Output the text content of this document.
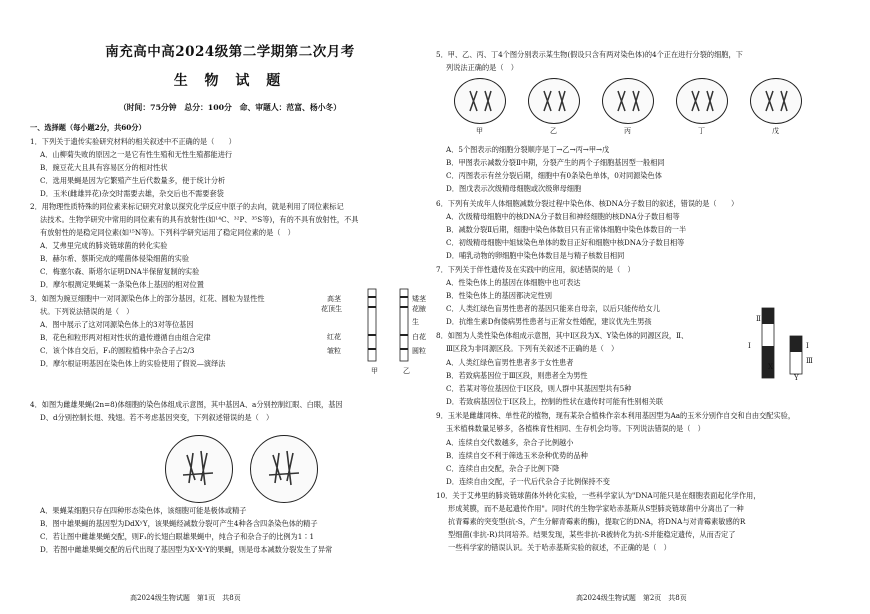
南充高中高2024级第二学期第二次月考
生 物 试 题
（时间：75分钟　总分：100分　命、审题人：范富、杨小冬）
一、选择题（每小题2分，共60分）
1．下列关于遗传实验研究材料的相关叙述中不正确的是（　　）
A．山柳菊失败的原因之一是它有性生殖和无性生殖都能进行
B．豌豆花大且具有容易区分的相对性状
C．选用果蝇是因为它繁殖产生后代数量多，便于统计分析
D．玉米(雌雄异花)杂交时需要去雄，杂交后也不需要套袋
2．用物理性质特殊的同位素来标记研究对象以探究化学反应中原子的去向，就是利用了同位素标记
法技术。生物学研究中常用的同位素有的具有放射性(如¹⁴C、³²P、³⁵S等)，有的不具有放射性，不具
有放射性的是稳定同位素(如¹⁵N等)。下列科学研究运用了稳定同位素的是（　）
A．艾弗里完成的肺炎链球菌的转化实验
B．赫尔希、蔡斯完成的噬菌体侵染细菌的实验
C．梅塞尔森、斯塔尔证明DNA半保留复制的实验
D．摩尔根测定果蝇某一条染色体上基因的相对位置
3．如图为豌豆细胞中一对同源染色体上的部分基因，红花、圆粒为显性性
状。下列说法错误的是（　）
A．图中展示了这对同源染色体上的3对等位基因
B．花色和粒形两对相对性状的遗传遵循自由组合定律
C．该个体自交后，F₁的圆粒植株中杂合子占2/3
D．摩尔根证明基因在染色体上的实验使用了假说—演绎法
4．如图为雌雄果蝇(2n=8)体细胞的染色体组成示意图，其中基因A、a分别控制红眼、白眼，基因
D、d分别控制长翅、残翅。若不考虑基因突变，下列叙述错误的是（　）
A．果蝇某细胞只存在四种形态染色体，该细胞可能是极体或精子
B．图中雄果蝇的基因型为DdXʸY，该果蝇经减数分裂可产生4种各含四条染色体的精子
C．若让图中雌雄果蝇交配，则F₁的长翅白眼雄果蝇中，纯合子和杂合子的比例为1∶1
D．若图中雌雄果蝇交配的后代出现了基因型为XᵃXᵃY的果蝇，则是母本减数分裂发生了异常
高茎
花顶生
红花
皱粒
矮茎
花腋生
白花
圆粒
甲	乙
高2024级生物试题　第1页　共8页
5．甲、乙、丙、丁4个图分别表示某生物(假设只含有两对染色体)的4个正在进行分裂的细胞，下
列说法正确的是（　）
A．5个图表示的细胞分裂顺序是丁→乙→丙→甲→戊
B．甲图表示减数分裂Ⅱ中期，分裂产生的两个子细胞基因型一般相同
C．丙图表示有丝分裂后期，细胞中有0条染色单体，0对同源染色体
D．图戊表示次级精母细胞或次级卵母细胞
6．下列有关成年人体细胞减数分裂过程中染色体、核DNA分子数目的叙述，错误的是（　　）
A．次级精母细胞中的核DNA分子数目和神经细胞的核DNA分子数目相等
B．减数分裂Ⅱ后期，细胞中染色体数目只有正常体细胞中染色体数目的一半
C．初级精母细胞中姐妹染色单体的数目正好和细胞中核DNA分子数目相等
D．哺乳动物的卵细胞中染色体数目是与精子核数目相同
7．下列关于伴性遗传及在实践中的应用，叙述错误的是（　）
A．性染色体上的基因在体细胞中也可表达
B．性染色体上的基因都决定性别
C．人类红绿色盲男性患者的基因只能来自母亲，以后只能传给女儿
D．抗维生素D佝偻病男性患者与正常女性婚配，建议优先生男孩
8．如图为人类性染色体组成示意图，其中Ⅰ区段为X、Y染色体的同源区段，Ⅱ、
Ⅲ区段为非同源区段。下列有关叙述不正确的是（　）
A．人类红绿色盲男性患者多于女性患者
B．若致病基因位于Ⅲ区段，则患者全为男性
C．若某对等位基因位于Ⅰ区段，则人群中其基因型共有5种
D．若致病基因位于Ⅰ区段上，控制的性状在遗传时可能有性别相关联
9．玉米是雌雄同株、单性花的植物，现有某杂合植株作亲本利用基因型为Aa的玉米分别作自交和自由交配实验，
玉米植株数量足够多，各植株育性相同、生存机会均等。下列说法错误的是（　）
A．连续自交代数越多，杂合子比例越小
B．连续自交不利于筛选玉米杂种优势的品种
C．连续自由交配，杂合子比例下降
D．连续自由交配，子一代后代杂合子比例保持不变
10．关于艾弗里的肺炎链球菌体外转化实验，一些科学家认为"DNA可能只是在细胞表面起化学作用，
形成荚膜，而不是起遗传作用"。同时代的生物学家哈赤基斯从S型肺炎链球菌中分离出了一种
抗青霉素的突变型(抗-S，产生分解青霉素的酶)，提取它的DNA，将DNA与对青霉素敏感的R
型细菌(非抗-R)共同培养。结果发现，某些非抗-R被转化为抗-S并能稳定遗传，从而否定了
一些科学家的错误认识。关于哈赤基斯实验的叙述，不正确的是（　）
甲	乙	丙	丁	戊
Ⅱ
Ⅰ	Ⅰ
Ⅲ
X
Y
高2024级生物试题　第2页　共8页
